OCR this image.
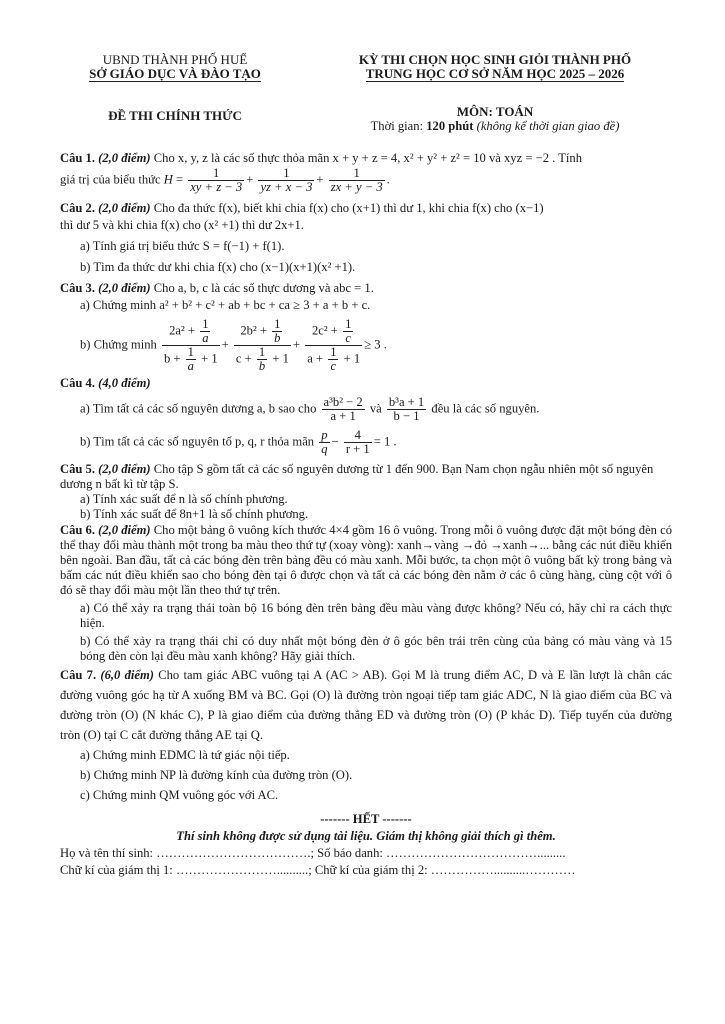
UBND THÀNH PHỐ HUẾ
SỞ GIÁO DỤC VÀ ĐÀO TẠO
ĐỀ THI CHÍNH THỨC
KỲ THI CHỌN HỌC SINH GIỎI THÀNH PHỐ
TRUNG HỌC CƠ SỞ NĂM HỌC 2025 – 2026
MÔN: TOÁN
Thời gian: 120 phút (không kể thời gian giao đề)
Câu 1. (2,0 điểm) Cho x, y, z là các số thực thỏa mãn x + y + z = 4, x² + y² + z² = 10 và xyz = −2 . Tính
giá trị của biểu thức $H = \frac{1}{xy + z - 3} + \frac{1}{yz + x - 3} + \frac{1}{zx + y - 3}$ .
Câu 2. (2,0 điểm) Cho đa thức f(x), biết khi chia f(x) cho (x+1) thì dư 1, khi chia f(x) cho (x−1)
thì dư 5 và khi chia f(x) cho (x² +1) thì dư 2x+1.
a) Tính giá trị biểu thức S = f(−1) + f(1).
b) Tìm đa thức dư khi chia f(x) cho (x−1)(x+1)(x² +1).
Câu 3. (2,0 điểm) Cho a, b, c là các số thực dương và abc = 1.
a) Chứng minh a² + b² + c² + ab + bc + ca ≥ 3 + a + b + c.
b) Chứng minh $\frac{2a^2 + \frac{1}{a}}{b + \frac{1}{a} + 1} + \frac{2b^2 + \frac{1}{b}}{c + \frac{1}{b} + 1} + \frac{2c^2 + \frac{1}{c}}{a + \frac{1}{c} + 1} \ge 3$ .
Câu 4. (4,0 điểm)
a) Tìm tất cả các số nguyên dương a, b sao cho $\frac{\text{a³b² − 2}}{a + 1}$ và $\frac{\text{b³a + 1}}{b - 1}$ đều là các số nguyên.
b) Tìm tất cả các số nguyên tố p, q, r thỏa mãn $\frac{p}{q} - \frac{4}{r + 1} = 1$ .
Câu 5. (2,0 điểm) Cho tập S gồm tất cả các số nguyên dương từ 1 đến 900. Bạn Nam chọn ngẫu nhiên một số nguyên dương n bất kì từ tập S.
a) Tính xác suất để n là số chính phương.
b) Tính xác suất để 8n+1 là số chính phương.
Câu 6. (2,0 điểm) Cho một bảng ô vuông kích thước 4×4 gồm 16 ô vuông. Trong mỗi ô vuông được đặt một bóng đèn có thể thay đổi màu thành một trong ba màu theo thứ tự (xoay vòng): xanh→vàng →đỏ →xanh→... bằng các nút điều khiển bên ngoài. Ban đầu, tất cả các bóng đèn trên bảng đều có màu xanh. Mỗi bước, ta chọn một ô vuông bất kỳ trong bảng và bấm các nút điều khiển sao cho bóng đèn tại ô được chọn và tất cả các bóng đèn nằm ở các ô cùng hàng, cùng cột với ô đó sẽ thay đổi màu một lần theo thứ tự trên.
a) Có thể xảy ra trạng thái toàn bộ 16 bóng đèn trên bảng đều màu vàng được không? Nếu có, hãy chỉ ra cách thực hiện.
b) Có thể xảy ra trạng thái chỉ có duy nhất một bóng đèn ở ô góc bên trái trên cùng của bảng có màu vàng và 15 bóng đèn còn lại đều màu xanh không? Hãy giải thích.
Câu 7. (6,0 điểm) Cho tam giác ABC vuông tại A (AC > AB). Gọi M là trung điểm AC, D và E lần lượt là chân các đường vuông góc hạ từ A xuống BM và BC. Gọi (O) là đường tròn ngoại tiếp tam giác ADC, N là giao điểm của BC và đường tròn (O) (N khác C), P là giao điểm của đường thẳng ED và đường tròn (O) (P khác D). Tiếp tuyến của đường tròn (O) tại C cắt đường thẳng AE tại Q.
a) Chứng minh EDMC là tứ giác nội tiếp.
b) Chứng minh NP là đường kính của đường tròn (O).
c) Chứng minh QM vuông góc với AC.
------- HẾT -------
Thí sinh không được sử dụng tài liệu. Giám thị không giải thích gì thêm.
Họ và tên thí sinh: ……………………………….; Số báo danh: ……………………………….........
Chữ kí của giám thị 1: ……………………..........; Chữ kí của giám thị 2: ……………..........…………
